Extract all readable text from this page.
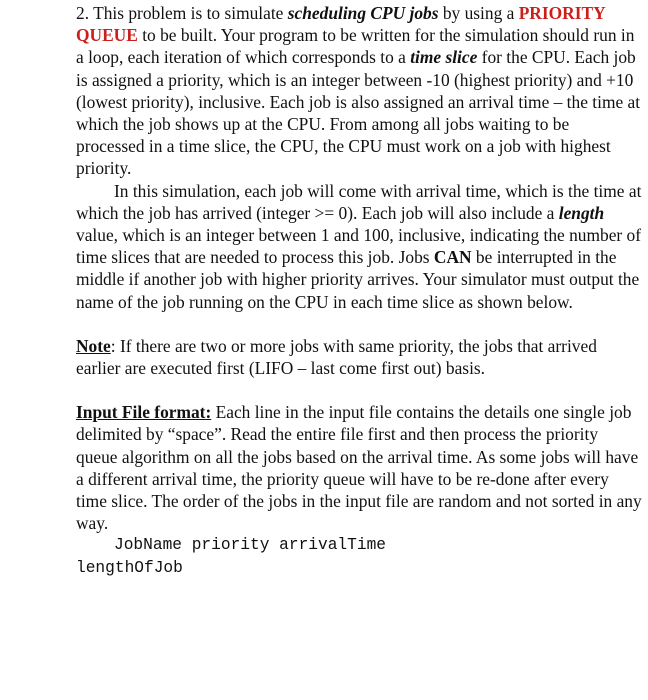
2. This problem is to simulate scheduling CPU jobs by using a PRIORITY QUEUE to be built. Your program to be written for the simulation should run in a loop, each iteration of which corresponds to a time slice for the CPU. Each job is assigned a priority, which is an integer between -10 (highest priority) and +10 (lowest priority), inclusive. Each job is also assigned an arrival time – the time at which the job shows up at the CPU. From among all jobs waiting to be processed in a time slice, the CPU, the CPU must work on a job with highest priority.

In this simulation, each job will come with arrival time, which is the time at which the job has arrived (integer >= 0). Each job will also include a length value, which is an integer between 1 and 100, inclusive, indicating the number of time slices that are needed to process this job. Jobs CAN be interrupted in the middle if another job with higher priority arrives. Your simulator must output the name of the job running on the CPU in each time slice as shown below.

Note: If there are two or more jobs with same priority, the jobs that arrived earlier are executed first (LIFO – last come first out) basis.

Input File format: Each line in the input file contains the details one single job delimited by “space”. Read the entire file first and then process the priority queue algorithm on all the jobs based on the arrival time. As some jobs will have a different arrival time, the priority queue will have to be re-done after every time slice. The order of the jobs in the input file are random and not sorted in any way.

JobName priority arrivalTime

lengthOfJob
